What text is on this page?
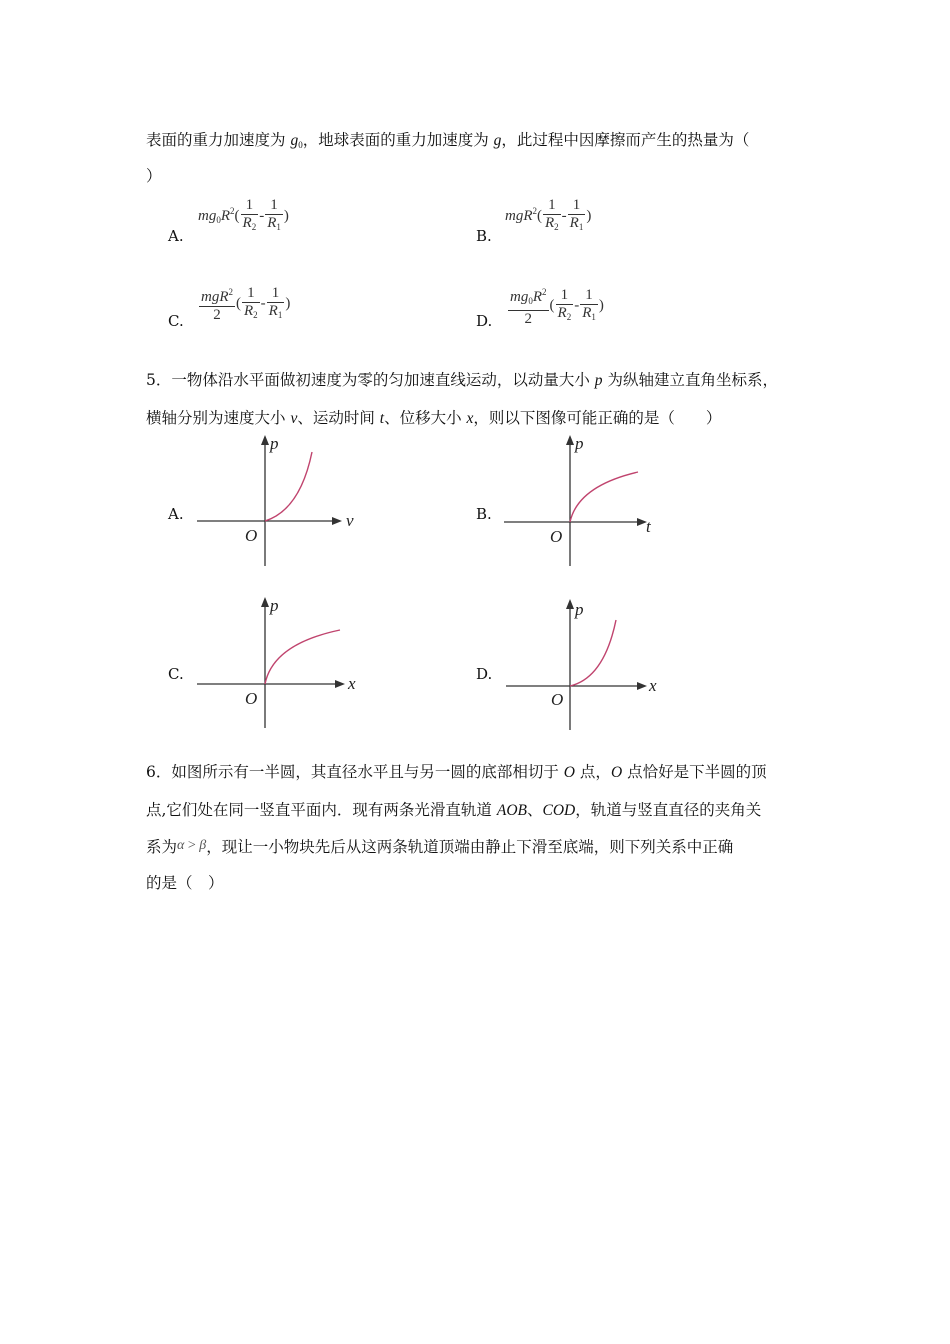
表面的重力加速度为 $g_0$，地球表面的重力加速度为 g，此过程中因摩擦而产生的热量为（
）
A.
$mg_0R^2( \frac{1}{R_2} - \frac{1}{R_1}$ )
B.
$mgR^2( \frac{1}{R_2} - \frac{1}{R_1}$ )
C. $\frac{mgR^2}{2}$ ( $\frac{1}{R_2} - \frac{1}{R_1}$ )
D. $\frac{mg_0R^2}{2}$ ( $\frac{1}{R_2} - \frac{1}{R_1}$ )
5．一物体沿水平面做初速度为零的匀加速直线运动，以动量大小 p 为纵轴建立直角坐标系，
横轴分别为速度大小 v、运动时间 t、位移大小 x，则以下图像可能正确的是（　　）
A.	B.
C.	D.
p
v
O
p
t
O
p
x
O
p
x
O
6．如图所示有一半圆，其直径水平且与另一圆的底部相切于 O 点，O 点恰好是下半圆的顶
点,它们处在同一竖直平面内．现有两条光滑直轨道 AOB、COD，轨道与竖直直径的夹角关
系为α > β，现让一小物块先后从这两条轨道顶端由静止下滑至底端，则下列关系中正确
的是（　）
